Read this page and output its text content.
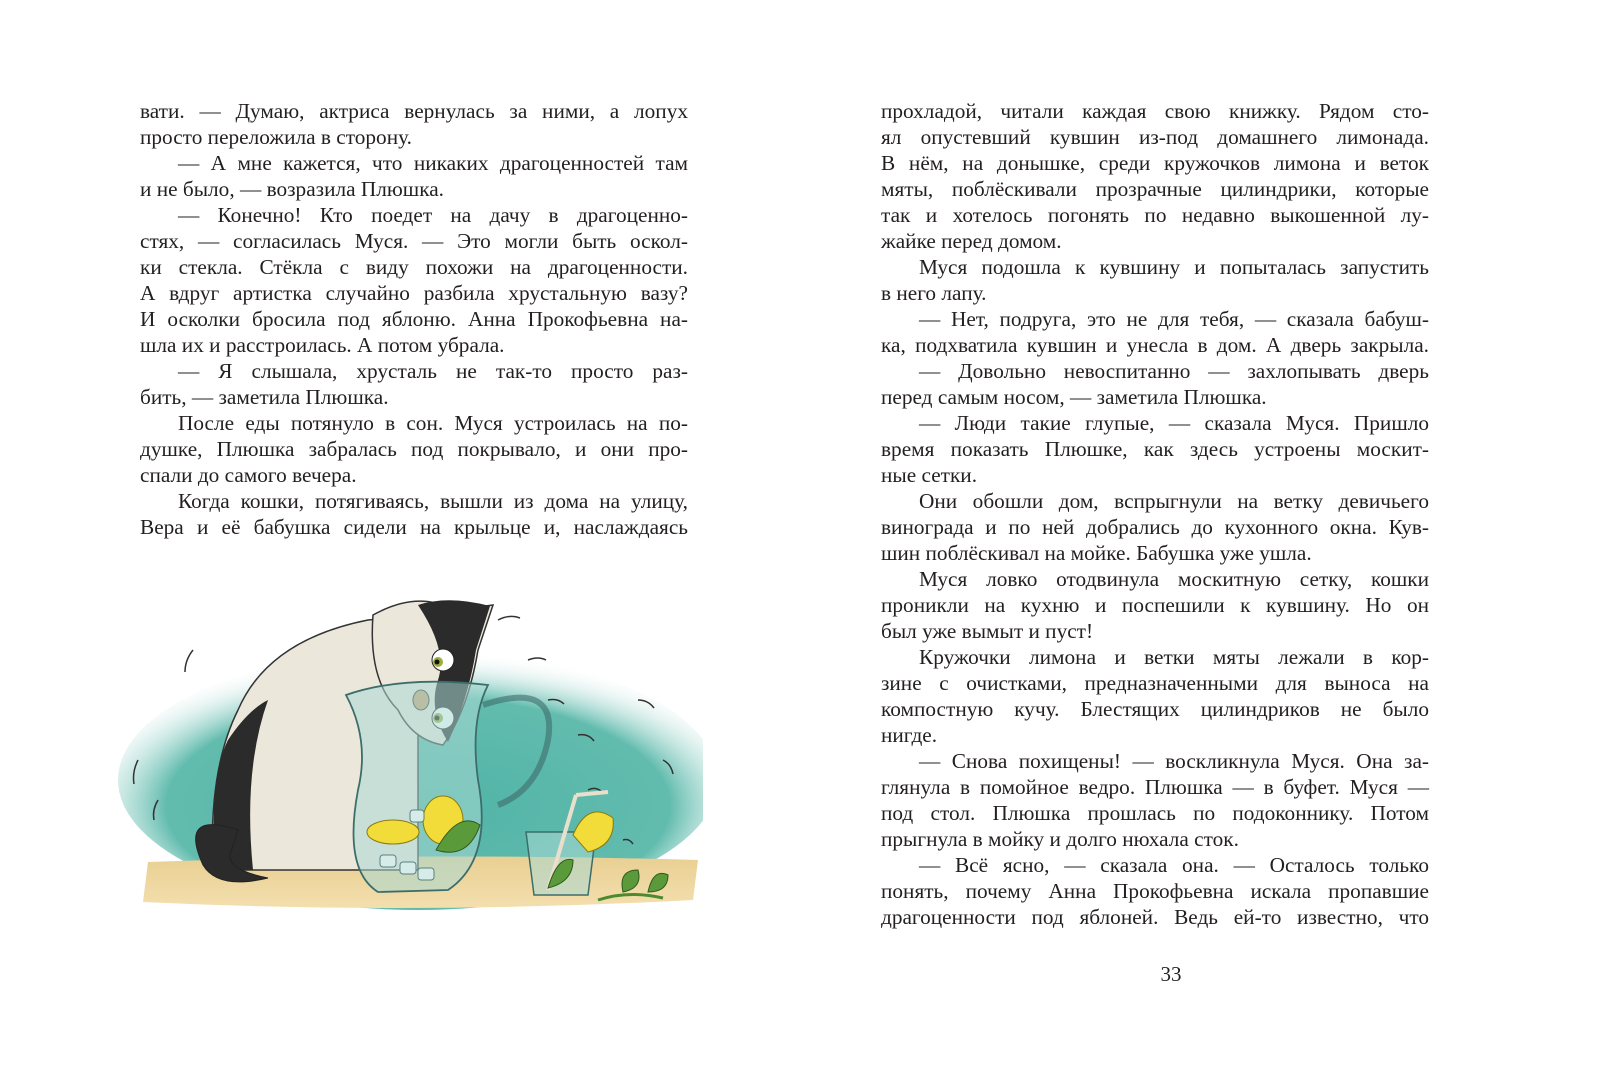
вати. — Думаю, актриса вернулась за ними, а лопух
просто переложила в сторону.
— А мне кажется, что никаких драгоценностей там
и не было, — возразила Плюшка.
— Конечно! Кто поедет на дачу в драгоценно-
стях, — согласилась Муся. — Это могли быть оскол-
ки стекла. Стёкла с виду похожи на драгоценности.
А вдруг артистка случайно разбила хрустальную вазу?
И осколки бросила под яблоню. Анна Прокофьевна на-
шла их и расстроилась. А потом убрала.
— Я слышала, хрусталь не так-то просто раз-
бить, — заметила Плюшка.
После еды потянуло в сон. Муся устроилась на по-
душке, Плюшка забралась под покрывало, и они про-
спали до самого вечера.
Когда кошки, потягиваясь, вышли из дома на улицу,
Вера и её бабушка сидели на крыльце и, наслаждаясь
прохладой, читали каждая свою книжку. Рядом сто-
ял опустевший кувшин из-под домашнего лимонада.
В нём, на донышке, среди кружочков лимона и веток
мяты, поблёскивали прозрачные цилиндрики, которые
так и хотелось погонять по недавно выкошенной лу-
жайке перед домом.
Муся подошла к кувшину и попыталась запустить
в него лапу.
— Нет, подруга, это не для тебя, — сказала бабуш-
ка, подхватила кувшин и унесла в дом. А дверь закрыла.
— Довольно невоспитанно — захлопывать дверь
перед самым носом, — заметила Плюшка.
— Люди такие глупые, — сказала Муся. Пришло
время показать Плюшке, как здесь устроены москит-
ные сетки.
Они обошли дом, вспрыгнули на ветку девичьего
винограда и по ней добрались до кухонного окна. Кув-
шин поблёскивал на мойке. Бабушка уже ушла.
Муся ловко отодвинула москитную сетку, кошки
проникли на кухню и поспешили к кувшину. Но он
был уже вымыт и пуст!
Кружочки лимона и ветки мяты лежали в кор-
зине с очистками, предназначенными для выноса на
компостную кучу. Блестящих цилиндриков не было
нигде.
— Снова похищены! — воскликнула Муся. Она за-
глянула в помойное ведро. Плюшка — в буфет. Муся —
под стол. Плюшка прошлась по подоконнику. Потом
прыгнула в мойку и долго нюхала сток.
— Всё ясно, — сказала она. — Осталось только
понять, почему Анна Прокофьевна искала пропавшие
драгоценности под яблоней. Ведь ей-то известно, что
33
